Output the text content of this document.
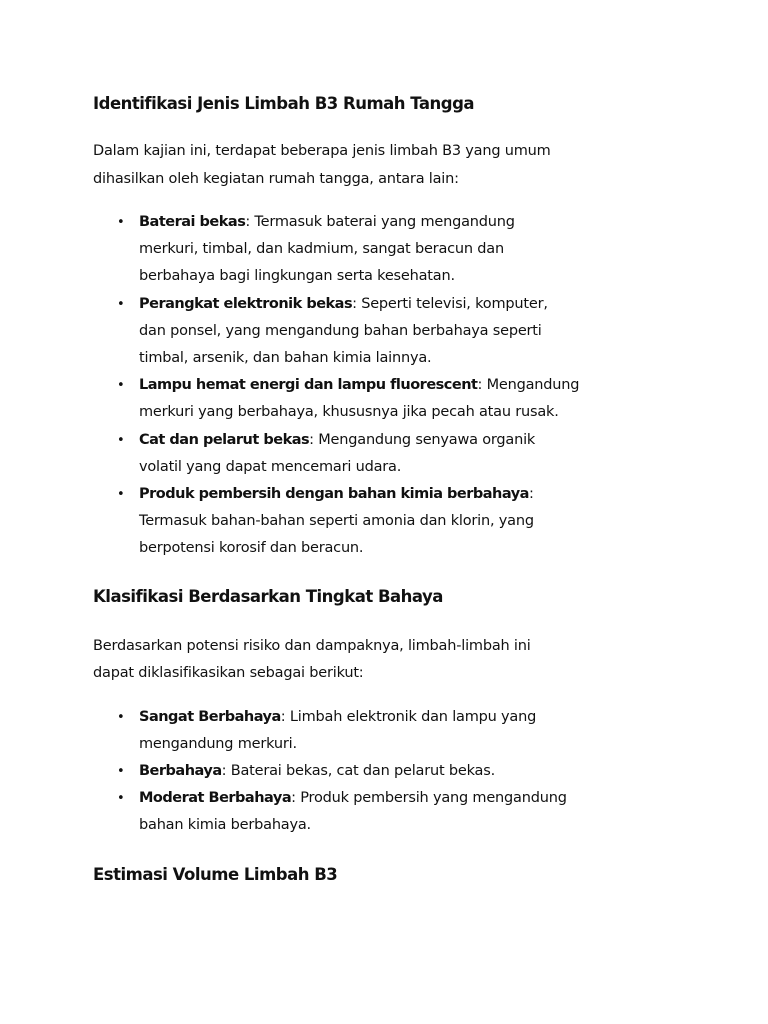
Identifikasi Jenis Limbah B3 Rumah Tangga

Dalam kajian ini, terdapat beberapa jenis limbah B3 yang umum
dihasilkan oleh kegiatan rumah tangga, antara lain:

• Baterai bekas: Termasuk baterai yang mengandung
merkuri, timbal, dan kadmium, sangat beracun dan
berbahaya bagi lingkungan serta kesehatan.
• Perangkat elektronik bekas: Seperti televisi, komputer,
dan ponsel, yang mengandung bahan berbahaya seperti
timbal, arsenik, dan bahan kimia lainnya.
• Lampu hemat energi dan lampu fluorescent: Mengandung
merkuri yang berbahaya, khususnya jika pecah atau rusak.
• Cat dan pelarut bekas: Mengandung senyawa organik
volatil yang dapat mencemari udara.
• Produk pembersih dengan bahan kimia berbahaya:
Termasuk bahan-bahan seperti amonia dan klorin, yang
berpotensi korosif dan beracun.
Klasifikasi Berdasarkan Tingkat Bahaya

Berdasarkan potensi risiko dan dampaknya, limbah-limbah ini
dapat diklasifikasikan sebagai berikut:

• Sangat Berbahaya: Limbah elektronik dan lampu yang
mengandung merkuri.
• Berbahaya: Baterai bekas, cat dan pelarut bekas.
• Moderat Berbahaya: Produk pembersih yang mengandung
bahan kimia berbahaya.
Estimasi Volume Limbah B3
